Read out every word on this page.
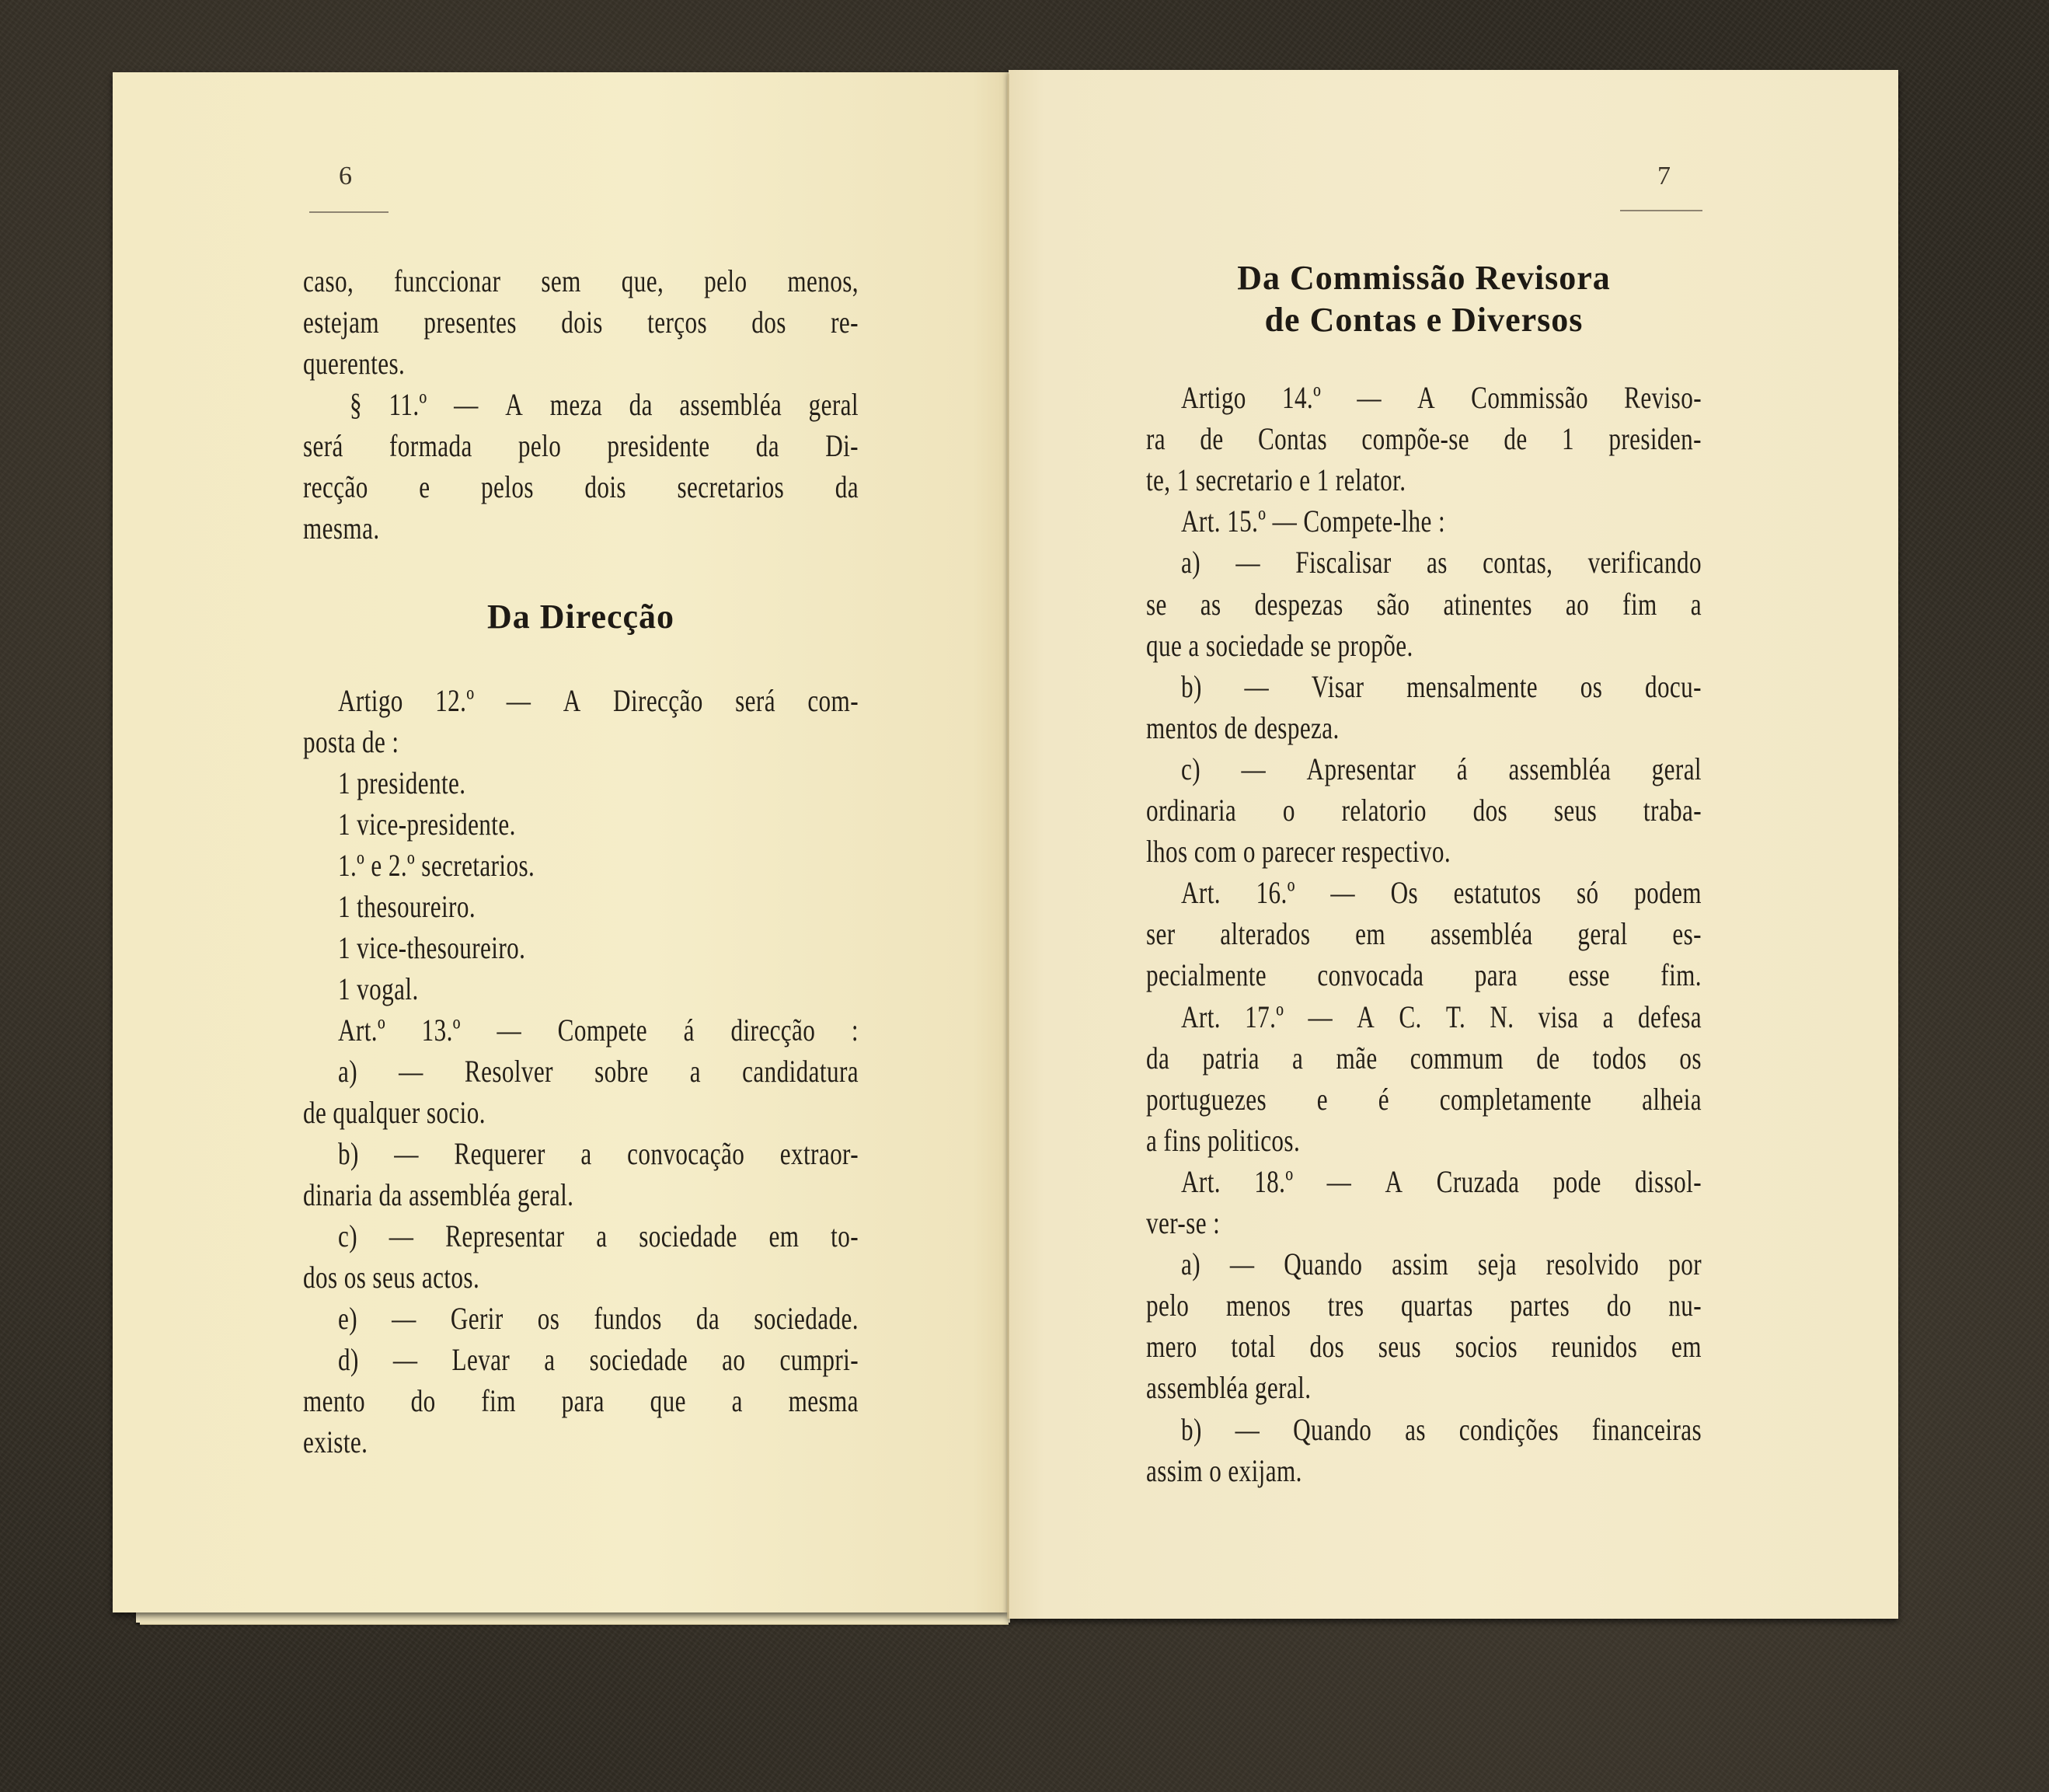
6	7
caso, funccionar sem que, pelo menos,
estejam presentes dois terços dos re-
querentes.
§ 11.º — A meza da assembléa geral
será formada pelo presidente da Di-
recção e pelos dois secretarios da
mesma.
Da Direcção
Artigo 12.º — A Direcção será com-
posta de :
1 presidente.
1 vice-presidente.
1.º e 2.º secretarios.
1 thesoureiro.
1 vice-thesoureiro.
1 vogal.
Art.º 13.º — Compete á direcção :
a) — Resolver sobre a candidatura
de qualquer socio.
b) — Requerer a convocação extraor-
dinaria da assembléa geral.
c) — Representar a sociedade em to-
dos os seus actos.
e) — Gerir os fundos da sociedade.
d) — Levar a sociedade ao cumpri-
mento do fim para que a mesma
existe.
Da Commissão Revisora
de Contas e Diversos
Artigo 14.º — A Commissão Reviso-
ra de Contas compõe-se de 1 presiden-
te, 1 secretario e 1 relator.
Art. 15.º — Compete-lhe :
a) — Fiscalisar as contas, verificando
se as despezas são atinentes ao fim a
que a sociedade se propõe.
b) — Visar mensalmente os docu-
mentos de despeza.
c) — Apresentar á assembléa geral
ordinaria o relatorio dos seus traba-
lhos com o parecer respectivo.
Art. 16.º — Os estatutos só podem
ser alterados em assembléa geral es-
pecialmente convocada para esse fim.
Art. 17.º — A C. T. N. visa a defesa
da patria a mãe commum de todos os
portuguezes e é completamente alheia
a fins politicos.
Art. 18.º — A Cruzada pode dissol-
ver-se :
a) — Quando assim seja resolvido por
pelo menos tres quartas partes do nu-
mero total dos seus socios reunidos em
assembléa geral.
b) — Quando as condições financeiras
assim o exijam.
